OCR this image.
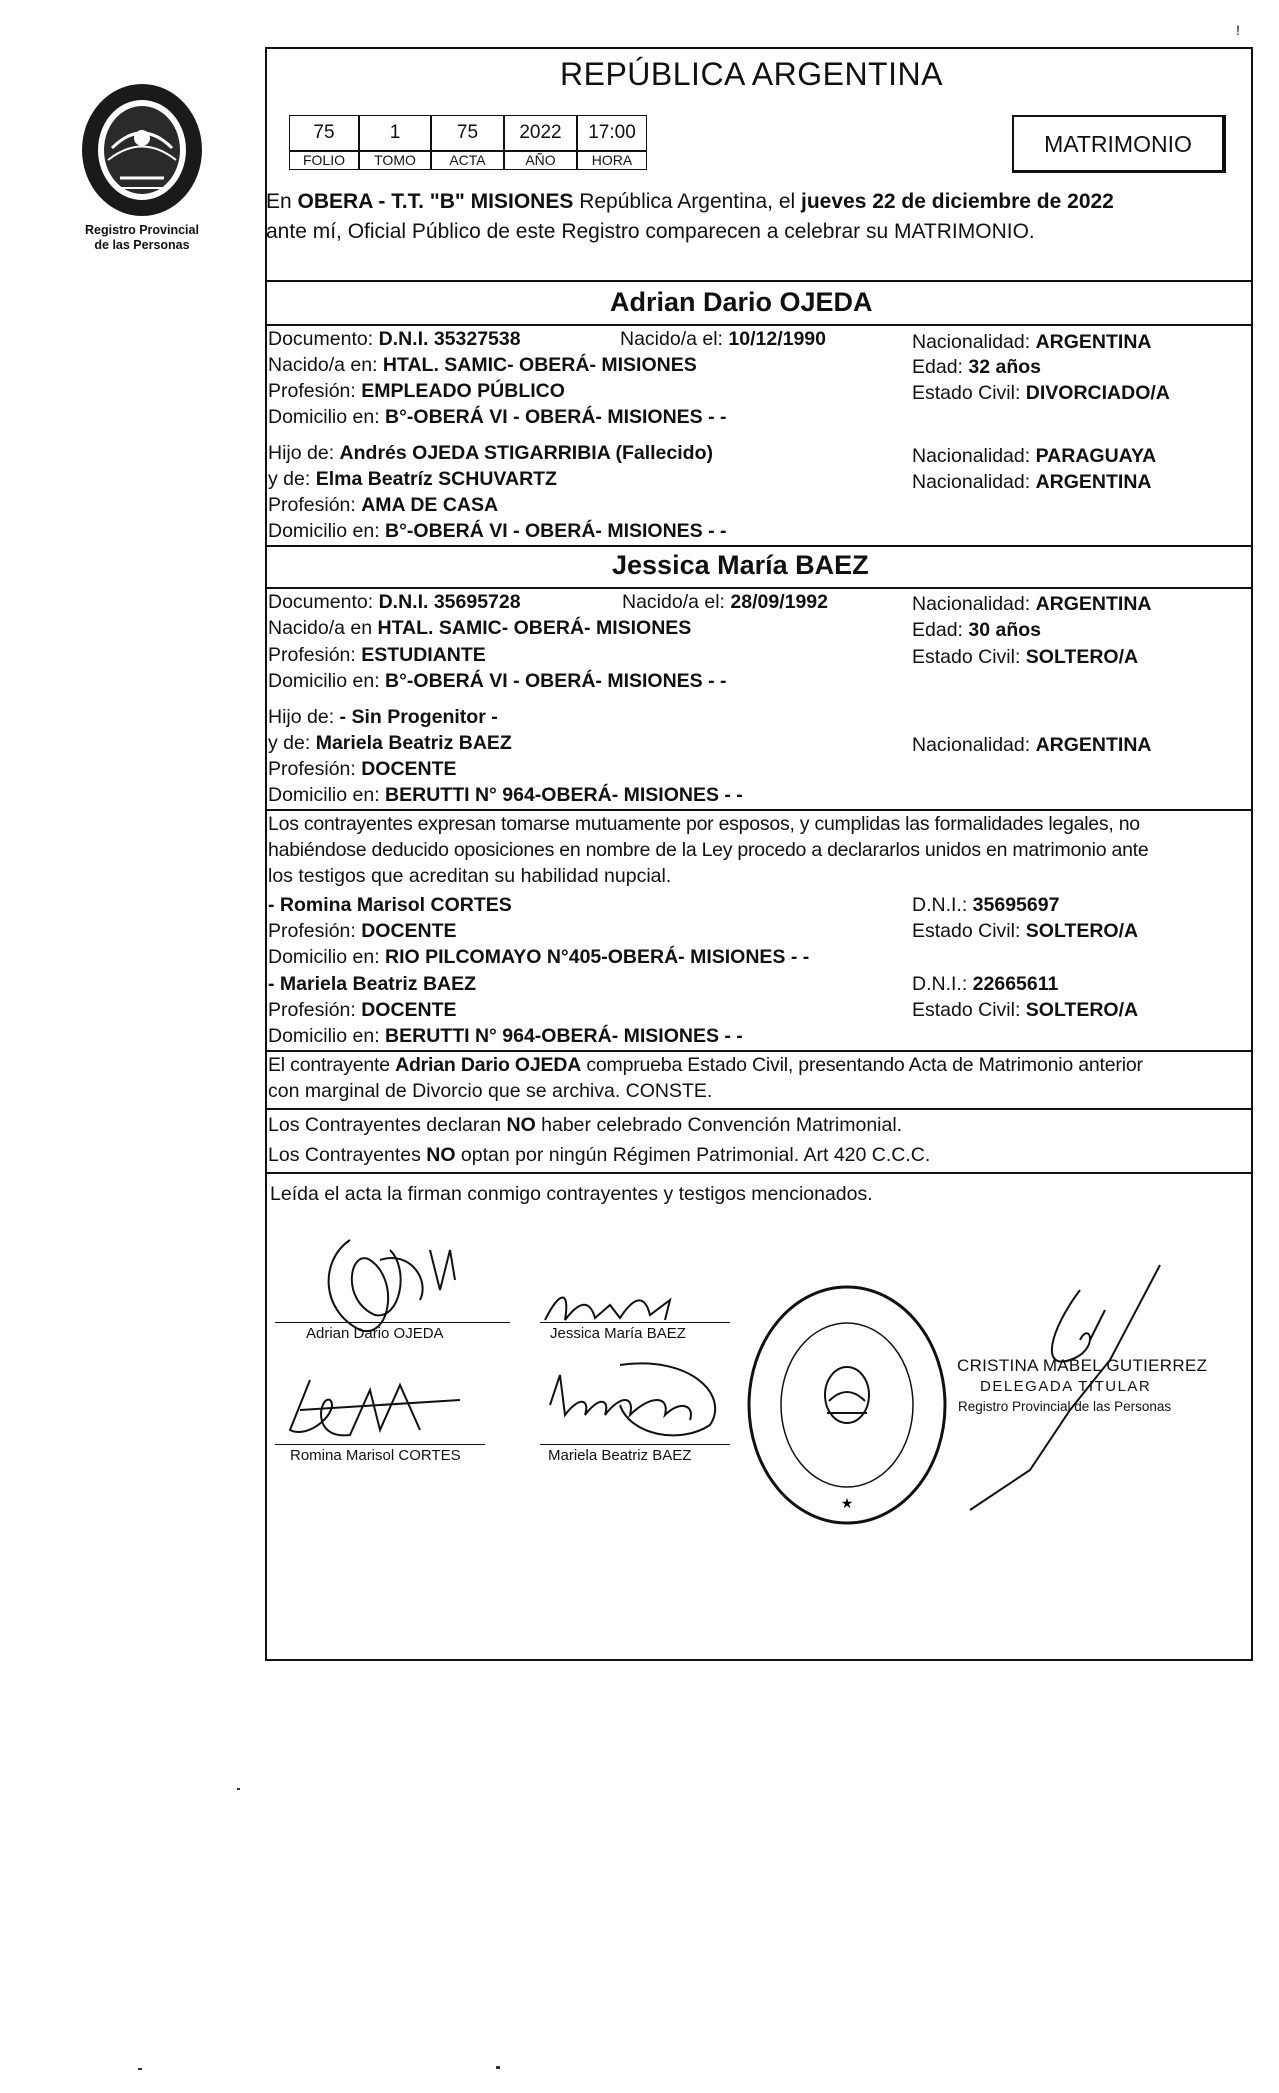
!
Registro Provincial
de las Personas
REPÚBLICA ARGENTINA
75	1	75	2022	17:00
FOLIO	TOMO	ACTA	AÑO	HORA
MATRIMONIO
En OBERA - T.T. "B" MISIONES República Argentina, el jueves 22 de diciembre de 2022
ante mí, Oficial Público de este Registro comparecen a celebrar su MATRIMONIO.
Adrian Dario OJEDA
Documento: D.N.I. 35327538	Nacido/a el: 10/12/1990	Nacionalidad: ARGENTINA
Nacido/a en: HTAL. SAMIC- OBERÁ- MISIONES	Edad: 32 años
Profesión: EMPLEADO PÚBLICO	Estado Civil: DIVORCIADO/A
Domicilio en: B°-OBERÁ VI - OBERÁ- MISIONES - -
Hijo de: Andrés OJEDA STIGARRIBIA (Fallecido)	Nacionalidad: PARAGUAYA
y de: Elma Beatríz SCHUVARTZ	Nacionalidad: ARGENTINA
Profesión: AMA DE CASA
Domicilio en: B°-OBERÁ VI - OBERÁ- MISIONES - -
Jessica María BAEZ
Documento: D.N.I. 35695728	Nacido/a el: 28/09/1992	Nacionalidad: ARGENTINA
Nacido/a en HTAL. SAMIC- OBERÁ- MISIONES	Edad: 30 años
Profesión: ESTUDIANTE	Estado Civil: SOLTERO/A
Domicilio en: B°-OBERÁ VI - OBERÁ- MISIONES - -
Hijo de: - Sin Progenitor -
y de: Mariela Beatriz BAEZ	Nacionalidad: ARGENTINA
Profesión: DOCENTE
Domicilio en: BERUTTI N° 964-OBERÁ- MISIONES - -
Los contrayentes expresan tomarse mutuamente por esposos, y cumplidas las formalidades legales, no
habiéndose deducido oposiciones en nombre de la Ley procedo a declararlos unidos en matrimonio ante
los testigos que acreditan su habilidad nupcial.
- Romina Marisol CORTES	D.N.I.: 35695697
Profesión: DOCENTE	Estado Civil: SOLTERO/A
Domicilio en: RIO PILCOMAYO N°405-OBERÁ- MISIONES - -
- Mariela Beatriz BAEZ	D.N.I.: 22665611
Profesión: DOCENTE	Estado Civil: SOLTERO/A
Domicilio en: BERUTTI N° 964-OBERÁ- MISIONES - -
El contrayente Adrian Dario OJEDA comprueba Estado Civil, presentando Acta de Matrimonio anterior
con marginal de Divorcio que se archiva. CONSTE.
Los Contrayentes declaran NO haber celebrado Convención Matrimonial.
Los Contrayentes NO optan por ningún Régimen Patrimonial. Art 420 C.C.C.
Leída el acta la firman conmigo contrayentes y testigos mencionados.
Adrian Dario OJEDA	Jessica María BAEZ
Romina Marisol CORTES	Mariela Beatriz BAEZ
★
CRISTINA MABEL GUTIERREZ
DELEGADA TITULAR
Registro Provincial de las Personas
